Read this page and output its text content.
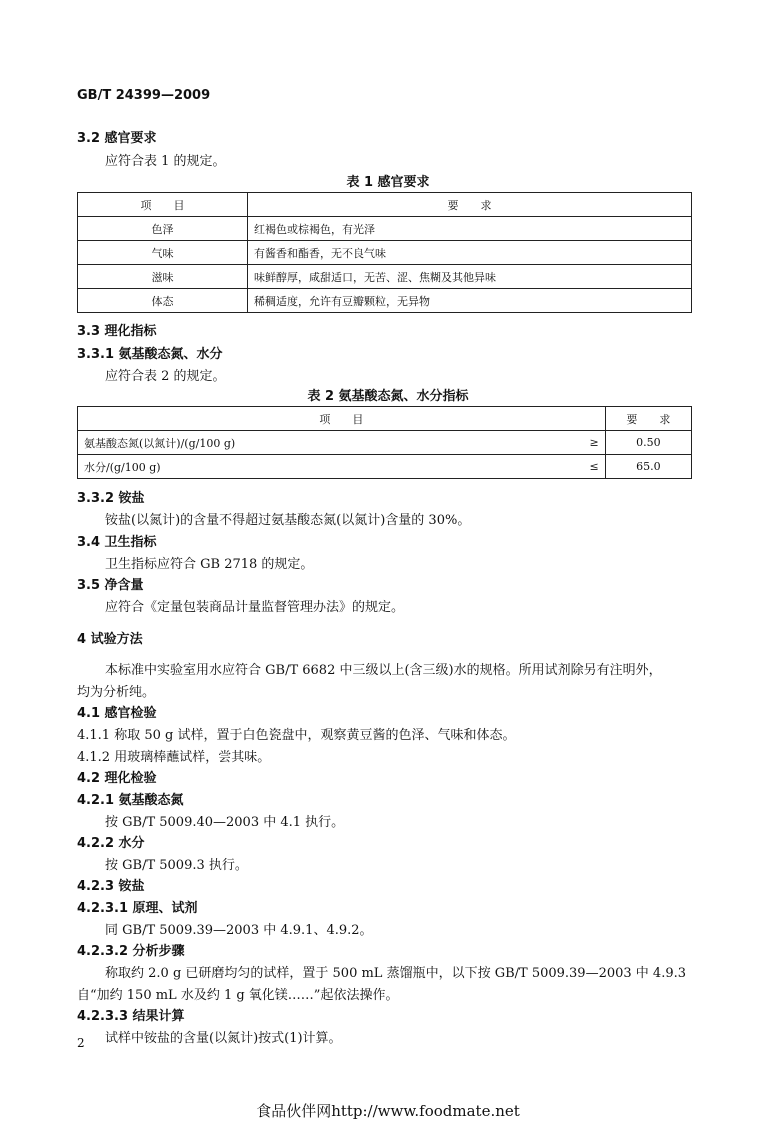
GB/T 24399—2009
3.2 感官要求
应符合表 1 的规定。
表 1 感官要求
项　　目	要　　求
色泽	红褐色或棕褐色，有光泽
气味	有酱香和酯香，无不良气味
滋味	味鲜醇厚，咸甜适口，无苦、涩、焦糊及其他异味
体态	稀稠适度，允许有豆瓣颗粒，无异物
3.3 理化指标
3.3.1 氨基酸态氮、水分
应符合表 2 的规定。
表 2 氨基酸态氮、水分指标
项　　目		要　　求
氨基酸态氮(以氮计)/(g/100 g)	≥	0.50
水分/(g/100 g)	≤	65.0
3.3.2 铵盐
铵盐(以氮计)的含量不得超过氨基酸态氮(以氮计)含量的 30%。
3.4 卫生指标
卫生指标应符合 GB 2718 的规定。
3.5 净含量
应符合《定量包装商品计量监督管理办法》的规定。
4 试验方法
本标准中实验室用水应符合 GB/T 6682 中三级以上(含三级)水的规格。所用试剂除另有注明外，
均为分析纯。
4.1 感官检验
4.1.1 称取 50 g 试样，置于白色瓷盘中，观察黄豆酱的色泽、气味和体态。
4.1.2 用玻璃棒蘸试样，尝其味。
4.2 理化检验
4.2.1 氨基酸态氮
按 GB/T 5009.40—2003 中 4.1 执行。
4.2.2 水分
按 GB/T 5009.3 执行。
4.2.3 铵盐
4.2.3.1 原理、试剂
同 GB/T 5009.39—2003 中 4.9.1、4.9.2。
4.2.3.2 分析步骤
称取约 2.0 g 已研磨均匀的试样，置于 500 mL 蒸馏瓶中，以下按 GB/T 5009.39—2003 中 4.9.3
自“加约 150 mL 水及约 1 g 氧化镁……”起依法操作。
4.2.3.3 结果计算
试样中铵盐的含量(以氮计)按式(1)计算。
2
食品伙伴网http://www.foodmate.net
